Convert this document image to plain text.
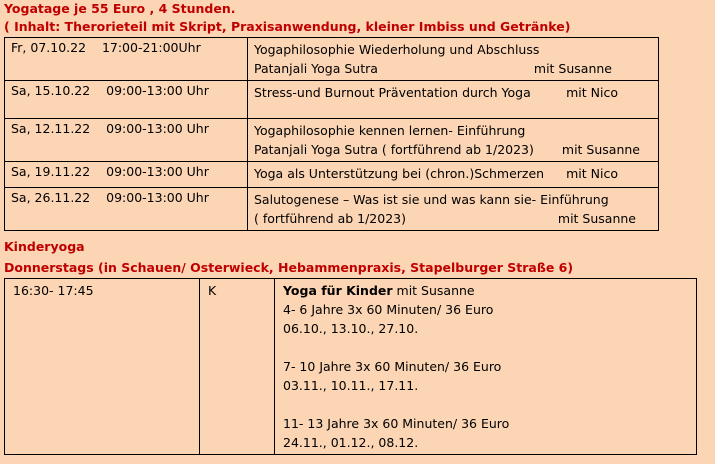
Yogatage je 55 Euro , 4 Stunden.
( Inhalt: Therorieteil mit Skript, Praxisanwendung, kleiner Imbiss und Getränke)
Fr, 07.10.22 17:00-21:00Uhr	Yogaphilosophie Wiederholung und Abschluss
Patanjali Yoga Sutra mit Susanne

Sa, 15.10.22 09:00-13:00 Uhr	Stress-und Burnout Präventation durch Yoga mit Nico

Sa, 12.11.22 09:00-13:00 Uhr	Yogaphilosophie kennen lernen- Einführung
Patanjali Yoga Sutra ( fortführend ab 1/2023) mit Susanne

Sa, 19.11.22 09:00-13:00 Uhr	Yoga als Unterstützung bei (chron.)Schmerzen mit Nico

Sa, 26.11.22 09:00-13:00 Uhr	Salutogenese – Was ist sie und was kann sie- Einführung
( fortführend ab 1/2023) mit Susanne
Kinderyoga
Donnerstags (in Schauen/ Osterwieck, Hebammenpraxis, Stapelburger Straße 6)
16:30- 17:45	K	Yoga für Kinder mit Susanne
4- 6 Jahre 3x 60 Minuten/ 36 Euro
06.10., 13.10., 27.10.
7- 10 Jahre 3x 60 Minuten/ 36 Euro
03.11., 10.11., 17.11.
11- 13 Jahre 3x 60 Minuten/ 36 Euro
24.11., 01.12., 08.12.
